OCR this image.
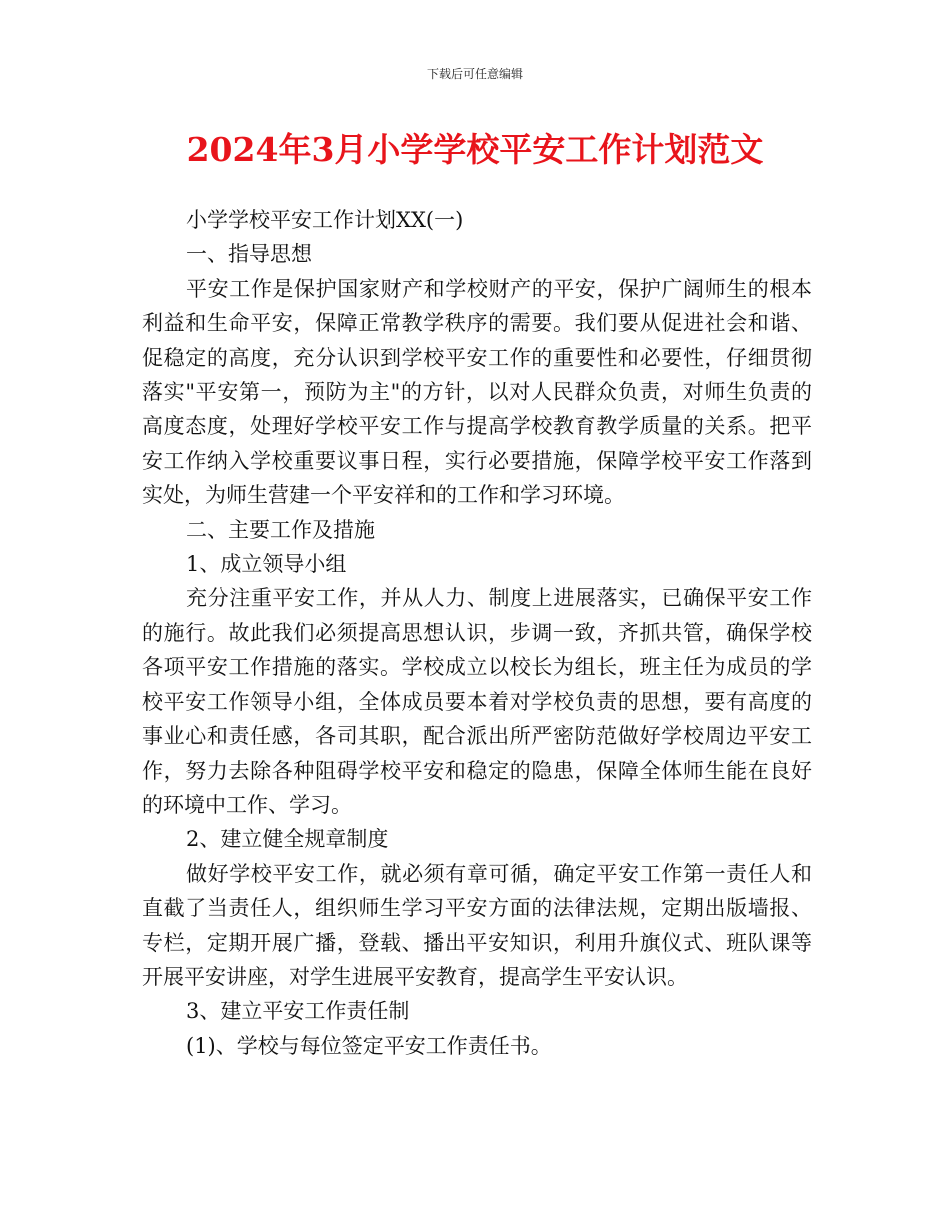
下载后可任意编辑
2024年3月小学学校平安工作计划范文

小学学校平安工作计划XX(一)

一、指导思想

平安工作是保护国家财产和学校财产的平安，保护广阔师生的根本利益和生命平安，保障正常教学秩序的需要。我们要从促进社会和谐、促稳定的高度，充分认识到学校平安工作的重要性和必要性，仔细贯彻落实"平安第一，预防为主"的方针，以对人民群众负责，对师生负责的高度态度，处理好学校平安工作与提高学校教育教学质量的关系。把平安工作纳入学校重要议事日程，实行必要措施，保障学校平安工作落到实处，为师生营建一个平安祥和的工作和学习环境。

二、主要工作及措施

1、成立领导小组

充分注重平安工作，并从人力、制度上进展落实，已确保平安工作的施行。故此我们必须提高思想认识，步调一致，齐抓共管，确保学校各项平安工作措施的落实。学校成立以校长为组长，班主任为成员的学校平安工作领导小组，全体成员要本着对学校负责的思想，要有高度的事业心和责任感，各司其职，配合派出所严密防范做好学校周边平安工作，努力去除各种阻碍学校平安和稳定的隐患，保障全体师生能在良好的环境中工作、学习。

2、建立健全规章制度

做好学校平安工作，就必须有章可循，确定平安工作第一责任人和直截了当责任人，组织师生学习平安方面的法律法规，定期出版墙报、专栏，定期开展广播，登载、播出平安知识，利用升旗仪式、班队课等开展平安讲座，对学生进展平安教育，提高学生平安认识。

3、建立平安工作责任制

(1)、学校与每位签定平安工作责任书。
